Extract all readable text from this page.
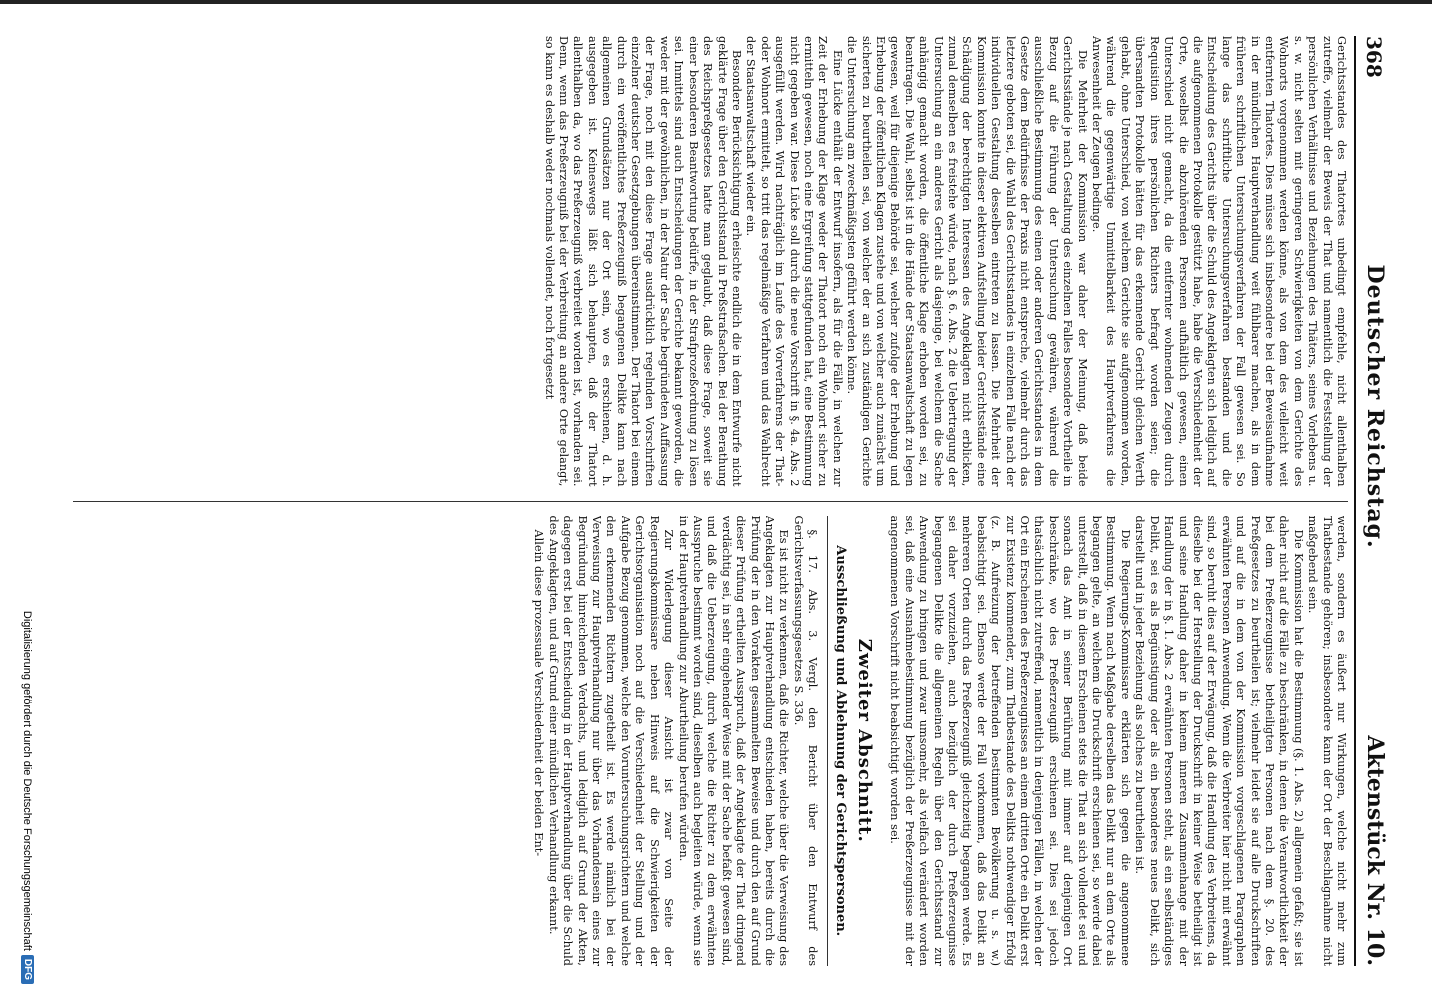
368
Deutscher Reichstag.
Aktenstück Nr. 10.

Gerichtsstandes des Thatortes unbedingt empfehle, nicht allenthalben zutreffe, vielmehr der Beweis der That und namentlich die Feststellung der persönlichen Verhältnisse und Beziehungen des Thäters, seines Vorlebens u. s. w. nicht selten mit geringeren Schwierigkeiten von dem Gerichte des Wohnorts vorgenommen werden könne, als von dem des vielleicht weit entfernten Thatortes. Dies müsse sich insbesondere bei der Beweisaufnahme in der mündlichen Hauptverhandlung weit fühlbarer machen, als in dem früheren schriftlichen Untersuchungsverfahren der Fall gewesen sei. So lange das schriftliche Untersuchungsverfahren bestanden und die Entscheidung des Gerichts über die Schuld des Angeklagten sich lediglich auf die aufgenommenen Protokolle gestützt habe, habe die Verschiedenheit der Orte, woselbst die abzuhörenden Personen aufhältlich gewesen, einen Unterschied nicht gemacht, da die entfernter wohnenden Zeugen durch Requisition ihres persönlichen Richters befragt worden seien; die übersandten Protokolle hätten für das erkennende Gericht gleichen Werth gehabt, ohne Unterschied, von welchem Gerichte sie aufgenommen worden, während die gegenwärtige Unmittelbarkeit des Hauptverfahrens die Anwesenheit der Zeugen bedinge.

Die Mehrheit der Kommission war daher der Meinung, daß beide Gerichtsstände je nach Gestaltung des einzelnen Falles besondere Vortheile in Bezug auf die Führung der Untersuchung gewähren, während die ausschließliche Bestimmung des einen oder anderen Gerichtsstandes in dem Gesetze dem Bedürfnisse der Praxis nicht entspreche, vielmehr durch das letztere geboten sei, die Wahl des Gerichtsstandes in einzelnen Falle nach der individuellen Gestaltung desselben eintreten zu lassen. Die Mehrheit der Kommission konnte in dieser elektiven Aufstellung beider Gerichtsstände eine Schädigung der berechtigten Interessen des Angeklagten nicht erblicken, zumal demselben es freistehe würde, nach §. 6. Abs. 2 die Uebertragung der Untersuchung an ein anderes Gericht als dasjenige, bei welchem die Sache anhängig gemacht worden, die öffentliche Klage erhoben worden sei, zu beantragen. Die Wahl, selbst ist in die Hände der Staatsanwaltschaft zu legen gewesen, weil für diejenige Behörde sei, welcher zufolge der Erhebung und Erhebung der öffentlichen Klagen zustehe und von welcher auch zunächst um sicherten zu beurtheilen sei, von welcher der an sich zuständigen Gerichte die Untersuchung am zweckmäßigsten geführt werden könne.

Eine Lücke enthält der Entwurf insofern, als für die Fälle, in welchen zur Zeit der Erhebung der Klage weder der Thatort noch ein Wohnort sicher zu ermitteln gewesen, noch eine Ergreifung stattgefunden hat, eine Bestimmung nicht gegeben war. Diese Lücke soll durch die neue Vorschrift in §. 4a. Abs. 2 ausgefüllt werden. Wird nachträglich im Laufe des Vorverfahrens der That- oder Wohnort ermittelt, so tritt das regelmäßige Verfahren und das Wahlrecht der Staatsanwaltschaft wieder ein.

Besondere Berücksichtigung erheischte endlich die in dem Entwurfe nicht geklärte Frage über den Gerichtsstand in Preßstrafsachen. Bei der Berathung des Reichspreßgesetzes hatte man geglaubt, daß diese Frage, soweit sie einer besonderen Beantwortung bedürfe, in der Strafprozeßordnung zu lösen sei. Inmittels sind auch Entscheidungen der Gerichte bekannt geworden, die weder mit der gewöhnlichen, in der Natur der Sache begründeten Auffassung der Frage, noch mit den diese Frage ausdrücklich regelnden Vorschriften einzelner deutscher Gesetzgebungen übereinstimmen. Der Thatort bei einem durch ein veröffentlichtes Preßerzeugniß begangenen Delikte kann nach allgemeinen Grundsätzen nur der Ort sein, wo es erschienen, d. h. ausgegeben ist. Keineswegs läßt sich behaupten, daß der Thatort allenthalben da, wo das Preßerzeugniß verbreitet worden ist, vorhanden sei. Denn, wenn das Preßerzeugniß bei der Verbreitung an andere Orte gelangt, so kann es deshalb weder nochmals vollendet, noch fortgesetzt

werden, sondern es äußert nur Wirkungen, welche nicht mehr zum Thatbestande gehören; insbesondere kann der Ort der Beschlagnahme nicht maßgebend sein.

Die Kommission hat die Bestimmung (§. 1. Abs. 2) allgemein gefaßt; sie ist daher nicht auf die Fälle zu beschränken, in denen die Verantwortlichkeit der bei dem Preßerzeugnisse betheiligten Personen nach dem §. 20. des Preßgesetzes zu beurtheilen ist; vielmehr leidet sie auf alle Druckschriften und auf die in dem von der Kommission vorgeschlagenen Paragraphen erwähnten Personen Anwendung. Wenn die Verbreiter hier nicht mit erwähnt sind, so beruht dies auf der Erwägung, daß die Handlung des Verbreitens, da dieselbe bei der Herstellung der Druckschrift in keiner Weise betheiligt ist und seine Handlung daher in keinem inneren Zusammenhange mit der Handlung der in §. 1. Abs. 2 erwähnten Personen steht, als ein selbständiges Delikt, sei es als Begünstigung oder als ein besonderes neues Delikt, sich darstellt und in jeder Beziehung als solches zu beurtheilen ist.

Die Regierungs-Kommissare erklärten sich gegen die angenommene Bestimmung. Wenn nach Maßgabe derselben das Delikt nur an dem Orte als begangen gelte, an welchem die Druckschrift erschienen sei, so werde dabei unterstellt, daß in diesem Erscheinen stets die That an sich vollendet sei und sonach das Amt in seiner Berührung mit immer auf denjenigen Ort beschränke, wo des Preßerzeugniß erschienen sei. Dies sei jedoch thatsächlich nicht zutreffend, namentlich in denjenigen Fällen, in welchen der Ort ein Erscheinen des Preßerzeugnisses an einem dritten Orte ein Delikt erst zur Existenz kommender, zum Thatbestande des Delikts nothwendiger Erfolg (z. B. Aufreizung der betreffenden bestimmten Bevölkerung u. s. w.) beabsichtigt sei. Ebenso werde der Fall vorkommen, daß das Delikt an mehreren Orten durch das Preßerzeugniß gleichzeitig begangen werde. Es sei daher vorzuziehen, auch bezüglich der durch Preßerzeugnisse begangenen Delikte die allgemeinen Regeln über den Gerichtsstand zur Anwendung zu bringen und zwar umsomehr, als vielfach verändert worden sei, daß eine Ausnahmebestimmung bezüglich der Preßerzeugnisse mit der angenommenen Vorschrift nicht beabsichtigt worden sei.

Zweiter Abschnitt.
Ausschließung und Ablehnung der Gerichtspersonen.

§. 17. Abs. 3. Vergl. den Bericht über den Entwurf des Gerichtsverfassungsgesetzes S. 336.

Es ist nicht zu verkennen, daß die Richter, welche über die Verweisung des Angeklagten zur Hauptverhandlung entschieden haben, bereits durch die Prüfung der in den Vorakten gesammelten Beweise und durch den auf Grund dieser Prüfung ertheilten Ausspruch, daß der Angeklagte der That dringend verdächtig sei, in sehr eingehender Weise mit der Sache befaßt gewesen sind, und daß die Ueberzeugung, durch welche die Richter zu dem erwähnten Ausspruche bestimmt worden sind, dieselben auch begleiten würde, wenn sie in der Hauptverhandlung zur Aburtheilung berufen würden.

Zur Widerlegung dieser Ansicht ist zwar von Seite der Regierungskommissare neben Hinweis auf die Schwierigkeiten der Gerichtsorganisation noch auf die Verschiedenheit der Stellung und der Aufgabe Bezug genommen, welche den Voruntersuchungsrichtern und welche den erkennenden Richtern zugetheilt ist. Es werde nämlich bei der Verweisung zur Hauptverhandlung nur über das Vorhandensein eines zur Begründung hinreichenden Verdachts, und lediglich auf Grund der Akten, dagegen erst bei der Entscheidung in der Hauptverhandlung über die Schuld des Angeklagten, und auf Grund einer mündlichen Verhandlung erkannt.

Allein diese prozessuale Verschiedenheit der beiden Ent-

Digitalisierung gefördert durch die Deutsche Forschungsgemeinschaft
DFG
